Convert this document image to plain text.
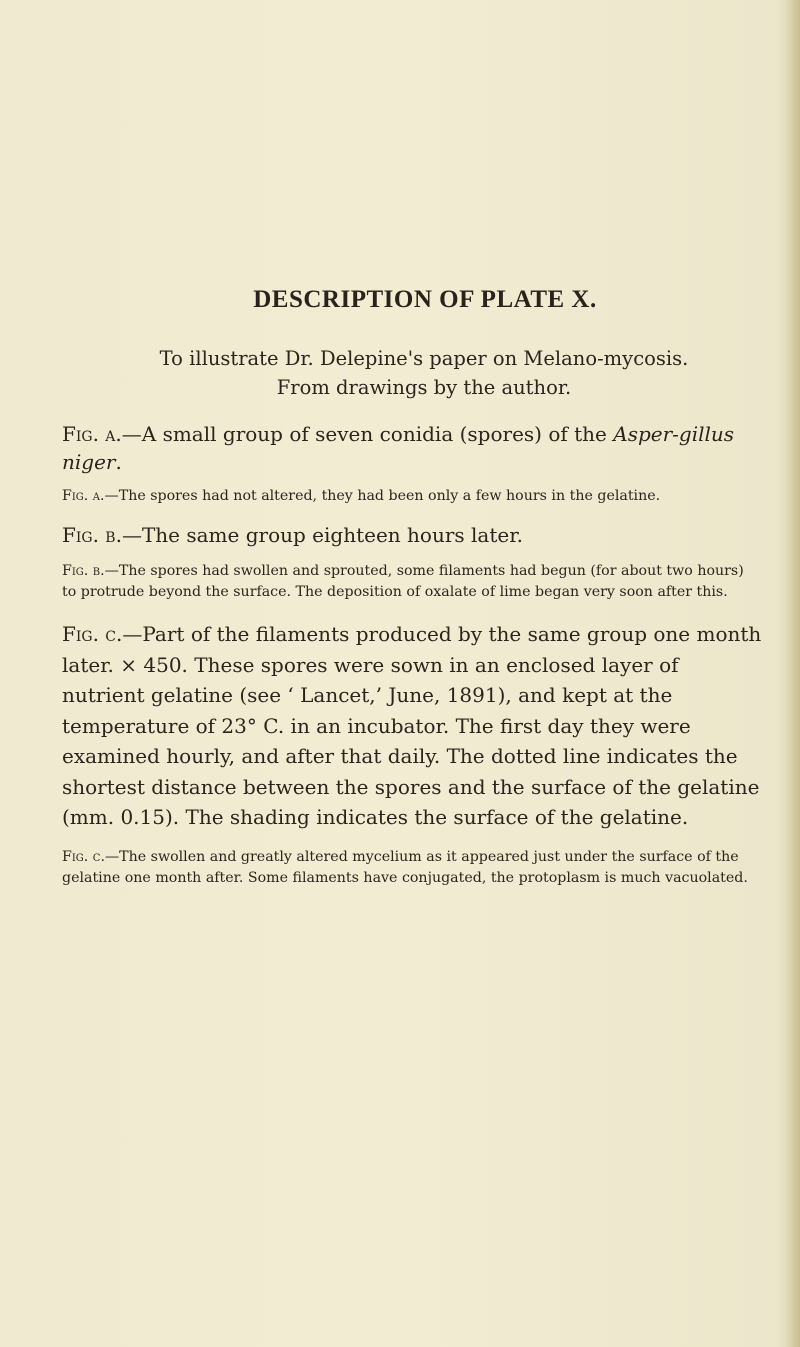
DESCRIPTION OF PLATE X.

To illustrate Dr. Delepine's paper on Melano-mycosis.

From drawings by the author.

Fig. a.—A small group of seven conidia (spores) of the Asper-gillus niger.

Fig. a.—The spores had not altered, they had been only a few hours in the gelatine.

Fig. b.—The same group eighteen hours later.

Fig. b.—The spores had swollen and sprouted, some filaments had begun (for about two hours) to protrude beyond the surface. The deposition of oxalate of lime began very soon after this.

Fig. c.—Part of the filaments produced by the same group one month later. × 450. These spores were sown in an enclosed layer of nutrient gelatine (see ‘ Lancet,’ June, 1891), and kept at the temperature of 23° C. in an incubator. The first day they were examined hourly, and after that daily. The dotted line indicates the shortest distance between the spores and the surface of the gelatine (mm. 0.15). The shading indicates the surface of the gelatine.

Fig. c.—The swollen and greatly altered mycelium as it appeared just under the surface of the gelatine one month after. Some filaments have conjugated, the protoplasm is much vacuolated.
